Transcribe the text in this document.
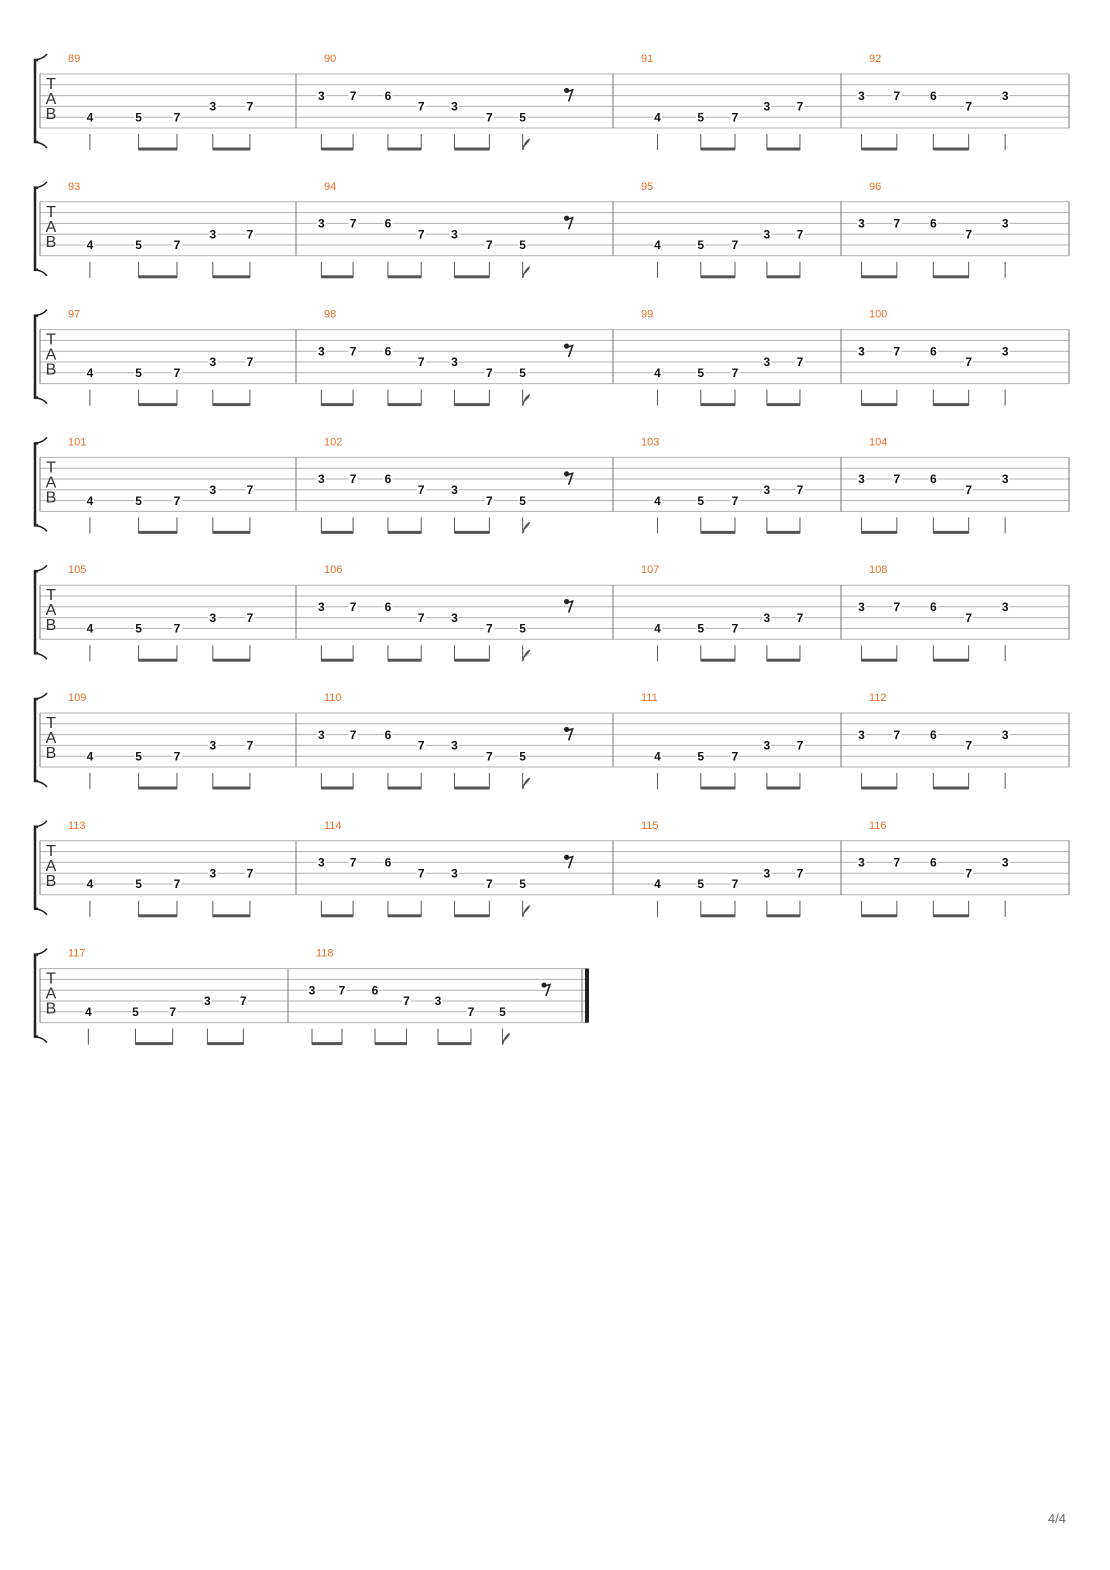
T
A
B
89
4	5	7
3	7
90
3 7 6
7 3
7 5
91
4	5 7
3 7
92
3 7 6
7
3
T
A
B
93
4	5	7
3	7
94
3 7 6
7 3
7 5
95
4	5 7
3 7
96
3 7 6
7
3
T
A
B
97
4	5	7
3	7
98
3 7 6
7 3
7 5
99
4	5 7
3 7
100
3 7 6
7
3
T
A
B
101
4	5	7
3	7
102
3 7 6
7 3
7 5
103
4	5 7
3 7
104
3 7 6
7
3
T
A
B
105
4	5	7
3	7
106
3 7 6
7 3
7 5
107
4	5 7
3 7
108
3 7 6
7
3
T
A
B
109
4	5	7
3	7
110
3 7 6
7 3
7 5
111
4	5 7
3 7
112
3 7 6
7
3
T
A
B
113
4	5	7
3	7
114
3 7 6
7 3
7 5
115
4	5 7
3 7
116
3 7 6
7
3
T
A
B
117
4	5	7
3 7
118
3 7 6
7 3
7 5
4/4
